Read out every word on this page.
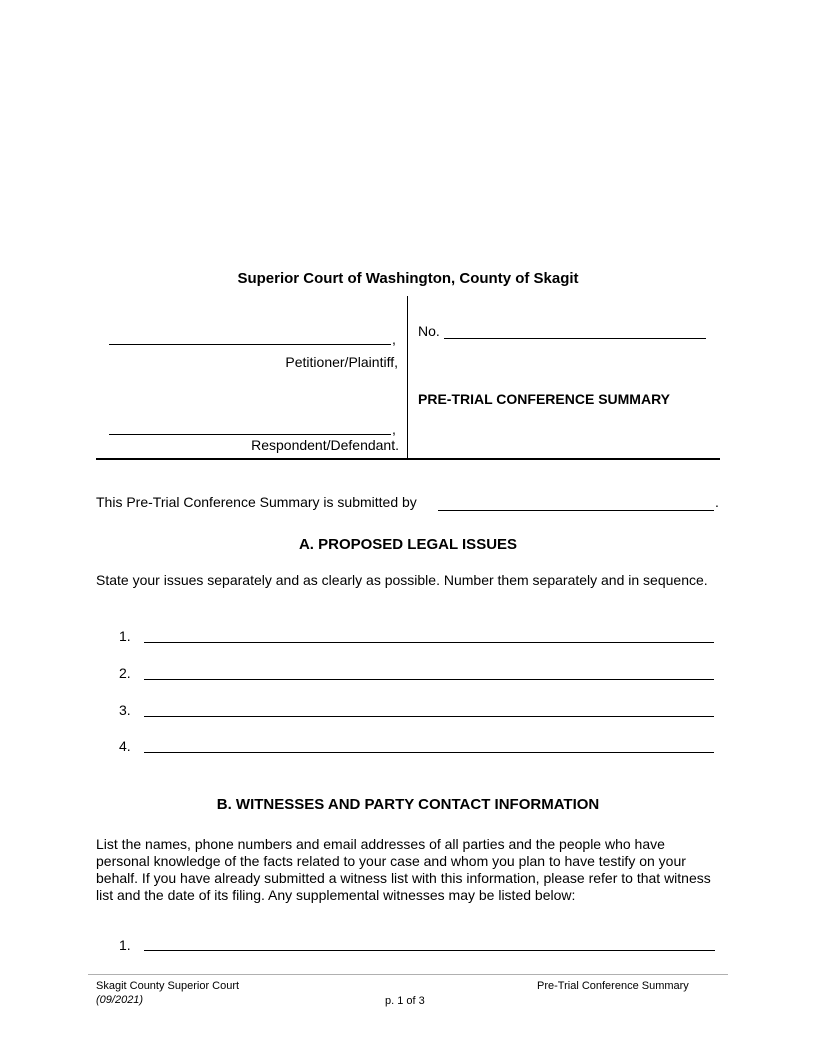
Superior Court of Washington, County of Skagit
,
Petitioner/Plaintiff,
,
Respondent/Defendant.
No.
PRE-TRIAL CONFERENCE SUMMARY
This Pre-Trial Conference Summary is submitted by	.
A. PROPOSED LEGAL ISSUES
State your issues separately and as clearly as possible. Number them separately and in sequence.
1.
2.
3.
4.
B. WITNESSES AND PARTY CONTACT INFORMATION
List the names, phone numbers and email addresses of all parties and the people who have personal knowledge of the facts related to your case and whom you plan to have testify on your behalf. If you have already submitted a witness list with this information, please refer to that witness list and the date of its filing. Any supplemental witnesses may be listed below:
1.
Skagit County Superior Court
(09/2021)	p. 1 of 3
Pre-Trial Conference Summary
